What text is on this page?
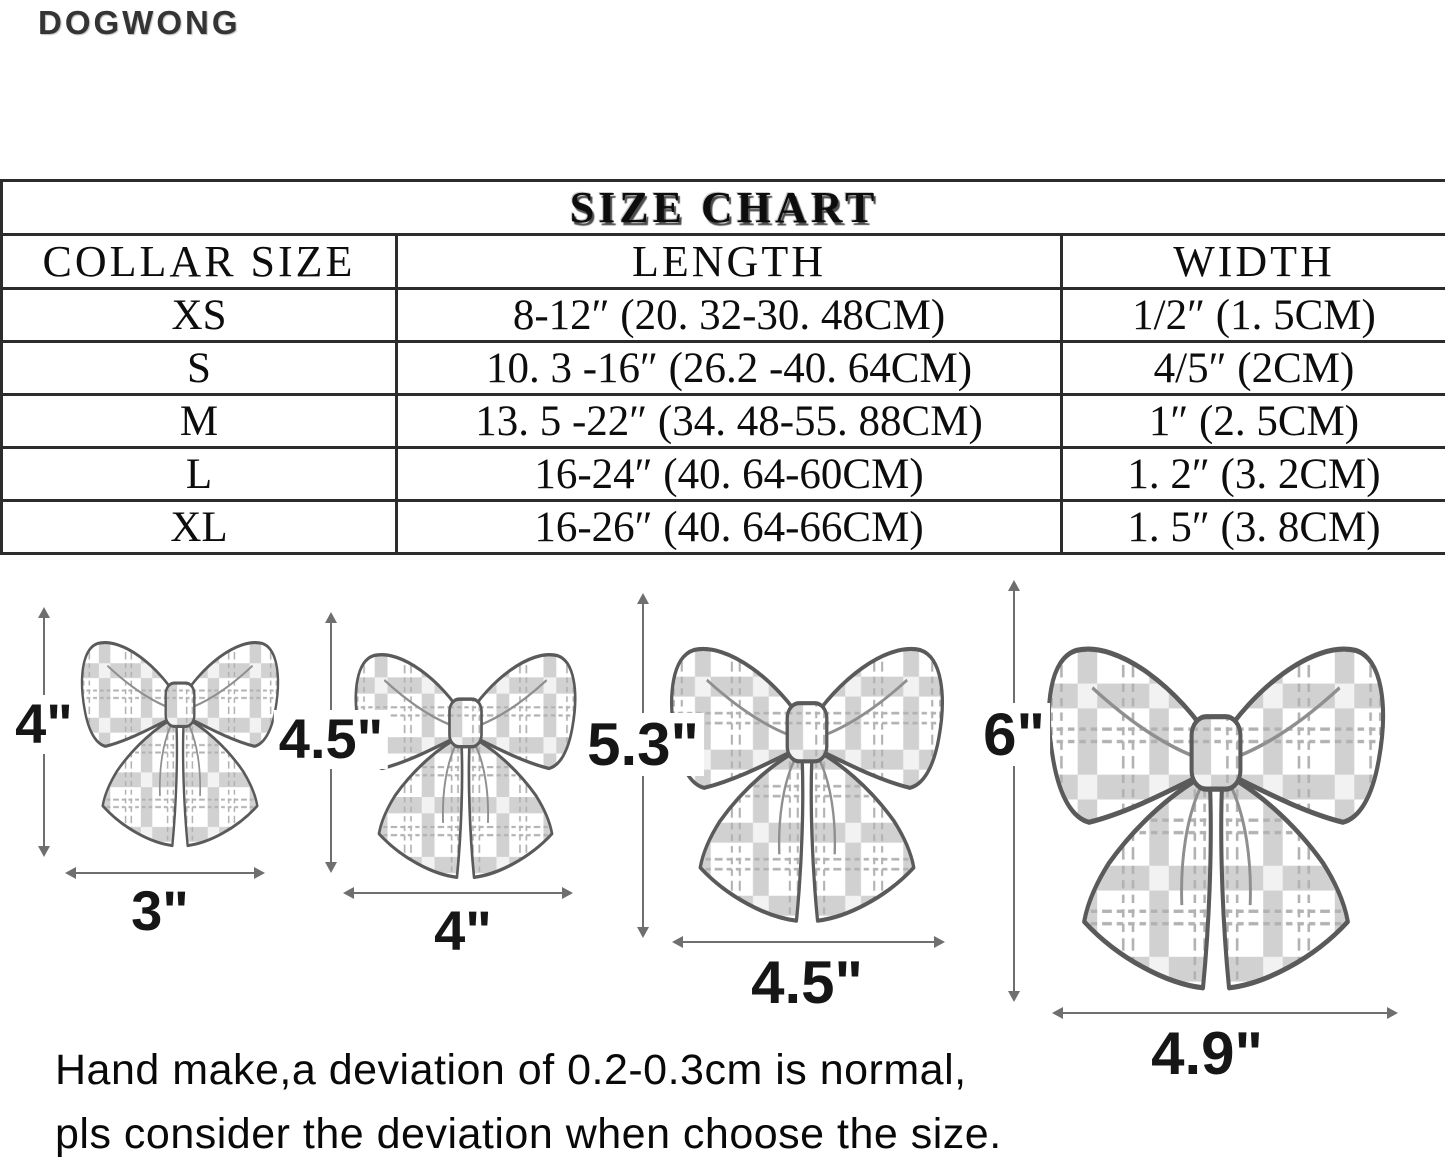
DOGWONG
SIZE CHART		
COLLAR SIZE	LENGTH	WIDTH
XS	8-12″ (20. 32-30. 48CM)	1/2″ (1. 5CM)
S	10. 3 -16″ (26.2 -40. 64CM)	4/5″ (2CM)
M	13. 5 -22″ (34. 48-55. 88CM)	1″ (2. 5CM)
L	16-24″ (40. 64-60CM)	1. 2″ (3. 2CM)
XL	16-26″ (40. 64-66CM)	1. 5″ (3. 8CM)
4"
3"
4.5"
4"
5.3"
4.5"
6"
4.9"
Hand make,a deviation of 0.2-0.3cm is normal,
pls consider the deviation when choose the size.
